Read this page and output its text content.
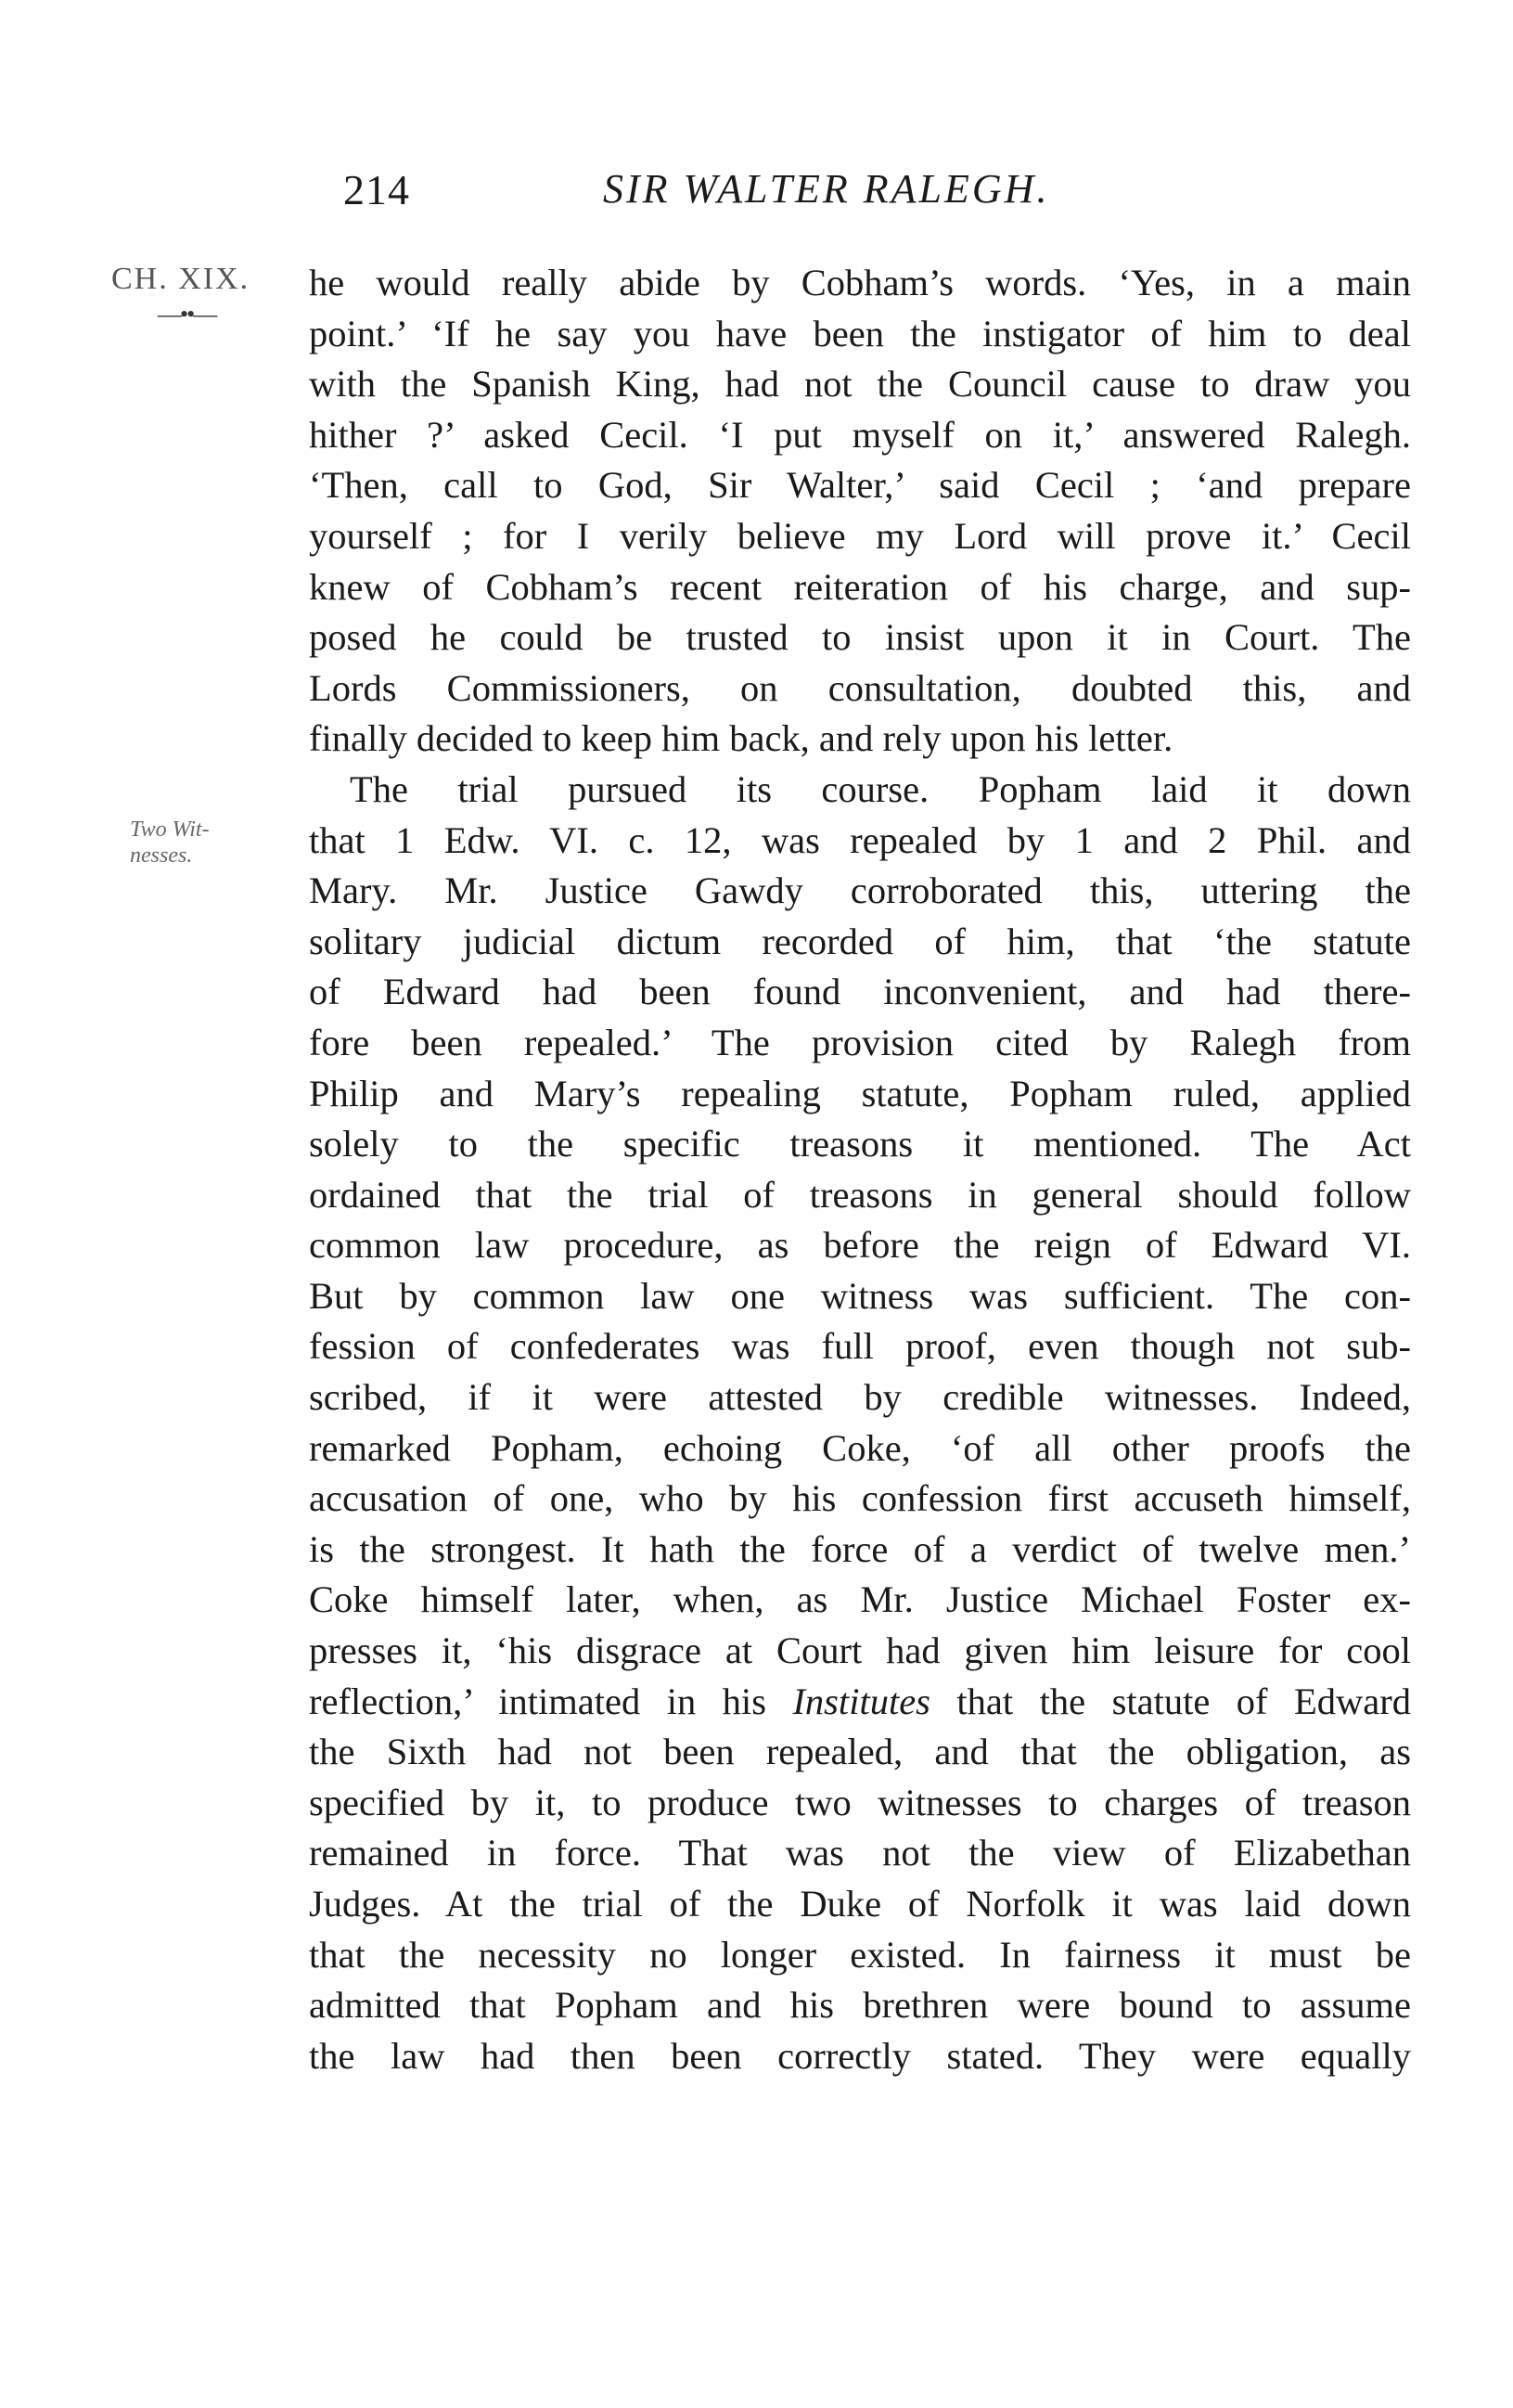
214	SIR WALTER RALEGH.
CH. XIX.
—••—
Two Wit-nesses.
he would really abide by Cobham’s words. ‘Yes, in a main
point.’ ‘If he say you have been the instigator of him to deal
with the Spanish King, had not the Council cause to draw you
hither ?’ asked Cecil. ‘I put myself on it,’ answered Ralegh.
‘Then, call to God, Sir Walter,’ said Cecil ; ‘and prepare
yourself ; for I verily believe my Lord will prove it.’ Cecil
knew of Cobham’s recent reiteration of his charge, and sup-
posed he could be trusted to insist upon it in Court. The
Lords Commissioners, on consultation, doubted this, and
finally decided to keep him back, and rely upon his letter.
The trial pursued its course. Popham laid it down
that 1 Edw. VI. c. 12, was repealed by 1 and 2 Phil. and
Mary. Mr. Justice Gawdy corroborated this, uttering the
solitary judicial dictum recorded of him, that ‘the statute
of Edward had been found inconvenient, and had there-
fore been repealed.’ The provision cited by Ralegh from
Philip and Mary’s repealing statute, Popham ruled, applied
solely to the specific treasons it mentioned. The Act
ordained that the trial of treasons in general should follow
common law procedure, as before the reign of Edward VI.
But by common law one witness was sufficient. The con-
fession of confederates was full proof, even though not sub-
scribed, if it were attested by credible witnesses. Indeed,
remarked Popham, echoing Coke, ‘of all other proofs the
accusation of one, who by his confession first accuseth himself,
is the strongest. It hath the force of a verdict of twelve men.’
Coke himself later, when, as Mr. Justice Michael Foster ex-
presses it, ‘his disgrace at Court had given him leisure for cool
reflection,’ intimated in his Institutes that the statute of Edward
the Sixth had not been repealed, and that the obligation, as
specified by it, to produce two witnesses to charges of treason
remained in force. That was not the view of Elizabethan
Judges. At the trial of the Duke of Norfolk it was laid down
that the necessity no longer existed. In fairness it must be
admitted that Popham and his brethren were bound to assume
the law had then been correctly stated. They were equally
